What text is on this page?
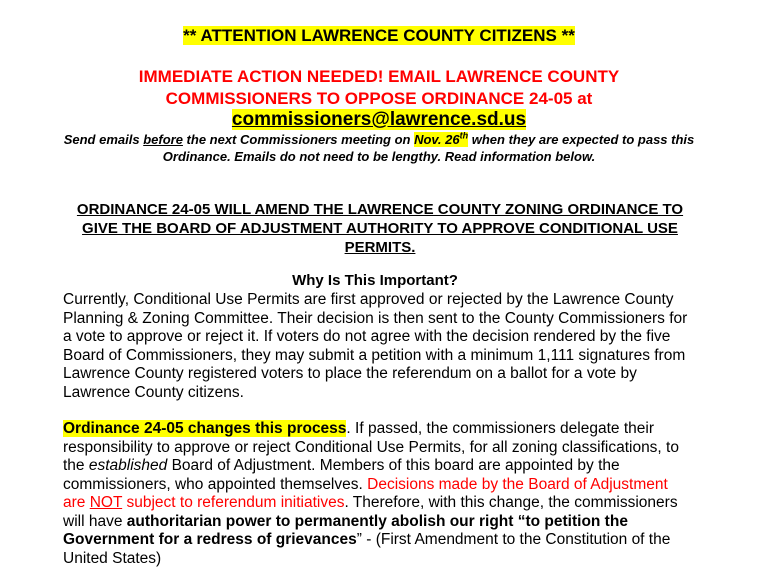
** ATTENTION LAWRENCE COUNTY CITIZENS **
IMMEDIATE ACTION NEEDED! EMAIL LAWRENCE COUNTY COMMISSIONERS TO OPPOSE ORDINANCE 24-05 at
commissioners@lawrence.sd.us
Send emails before the next Commissioners meeting on Nov. 26th when they are expected to pass this Ordinance. Emails do not need to be lengthy. Read information below.
ORDINANCE 24-05 WILL AMEND THE LAWRENCE COUNTY ZONING ORDINANCE TO GIVE THE BOARD OF ADJUSTMENT AUTHORITY TO APPROVE CONDITIONAL USE PERMITS.
Why Is This Important?

Currently, Conditional Use Permits are first approved or rejected by the Lawrence County Planning & Zoning Committee. Their decision is then sent to the County Commissioners for a vote to approve or reject it. If voters do not agree with the decision rendered by the five Board of Commissioners, they may submit a petition with a minimum 1,111 signatures from Lawrence County registered voters to place the referendum on a ballot for a vote by Lawrence County citizens.

Ordinance 24-05 changes this process. If passed, the commissioners delegate their responsibility to approve or reject Conditional Use Permits, for all zoning classifications, to the established Board of Adjustment. Members of this board are appointed by the commissioners, who appointed themselves. Decisions made by the Board of Adjustment are NOT subject to referendum initiatives. Therefore, with this change, the commissioners will have authoritarian power to permanently abolish our right “to petition the Government for a redress of grievances” - (First Amendment to the Constitution of the United States)
